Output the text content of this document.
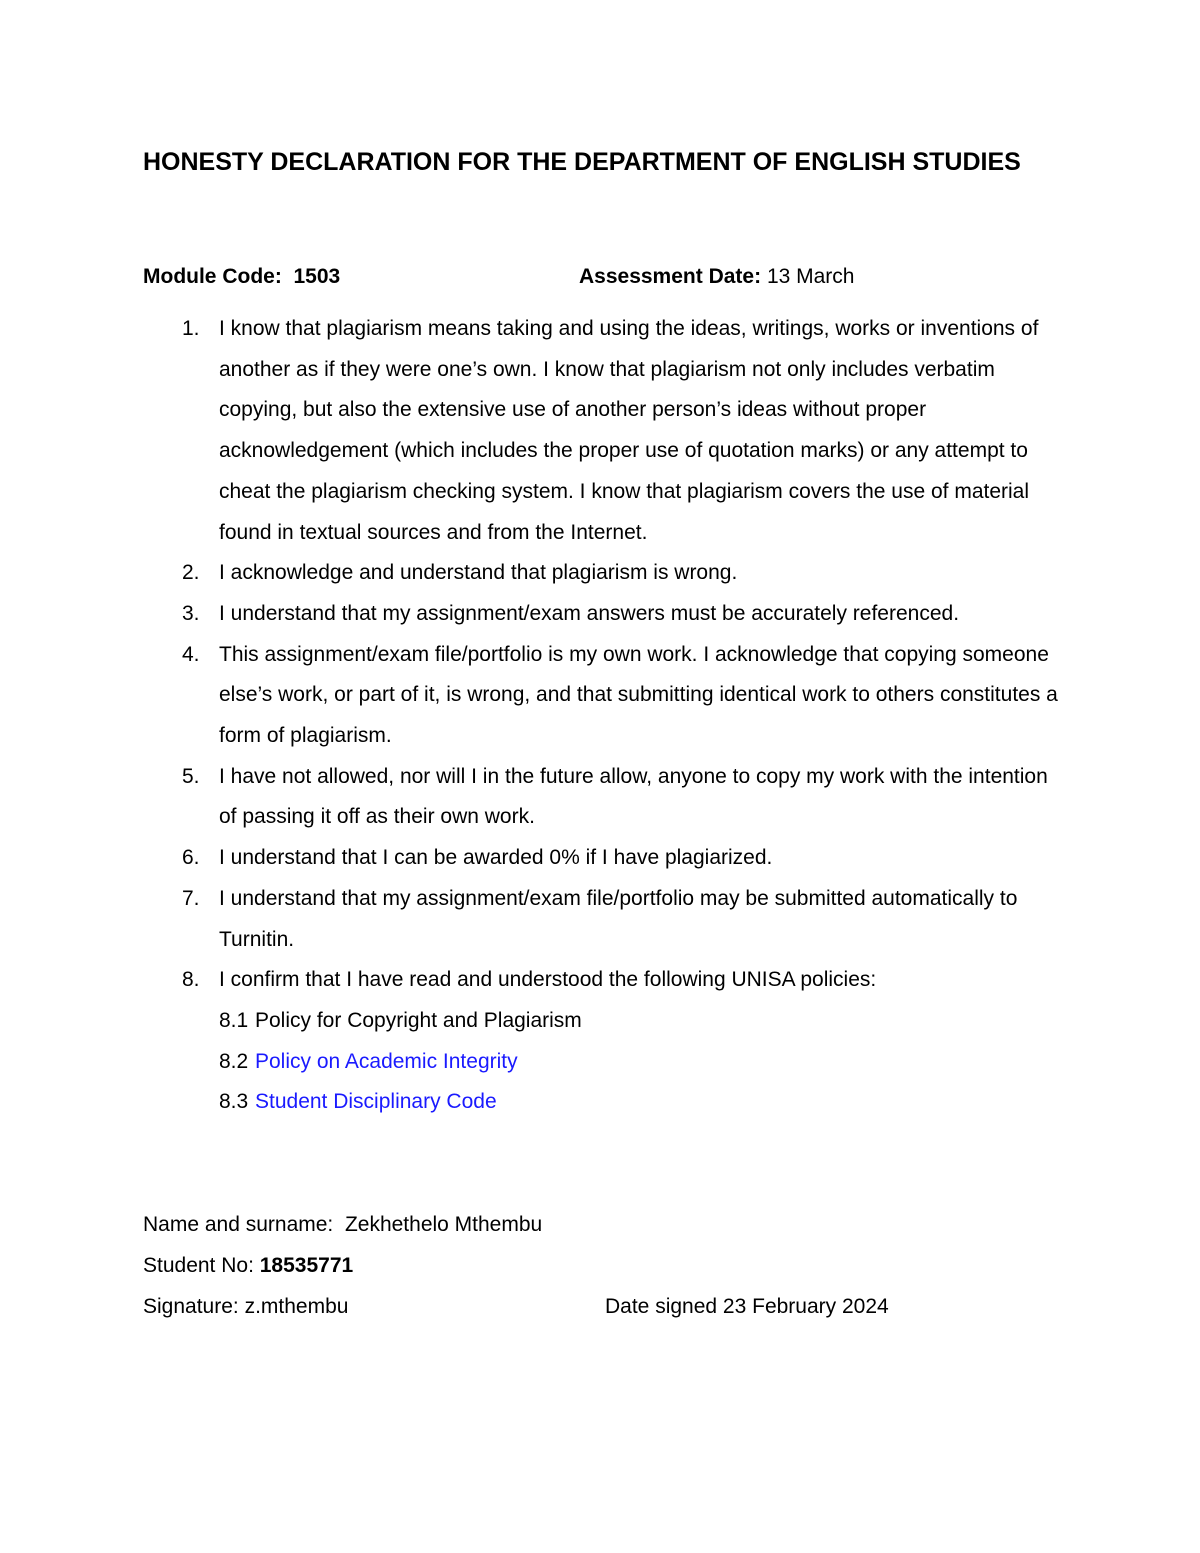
HONESTY DECLARATION FOR THE DEPARTMENT OF ENGLISH STUDIES
Module Code: 1503	Assessment Date: 13 March
1. I know that plagiarism means taking and using the ideas, writings, works or inventions of another as if they were one’s own. I know that plagiarism not only includes verbatim copying, but also the extensive use of another person’s ideas without proper acknowledgement (which includes the proper use of quotation marks) or any attempt to cheat the plagiarism checking system. I know that plagiarism covers the use of material found in textual sources and from the Internet.
2. I acknowledge and understand that plagiarism is wrong.
3. I understand that my assignment/exam answers must be accurately referenced.
4. This assignment/exam file/portfolio is my own work. I acknowledge that copying someone else’s work, or part of it, is wrong, and that submitting identical work to others constitutes a form of plagiarism.
5. I have not allowed, nor will I in the future allow, anyone to copy my work with the intention of passing it off as their own work.
6. I understand that I can be awarded 0% if I have plagiarized.
7. I understand that my assignment/exam file/portfolio may be submitted automatically to Turnitin.
8. I confirm that I have read and understood the following UNISA policies:
8.1 Policy for Copyright and Plagiarism
8.2 Policy on Academic Integrity
8.3 Student Disciplinary Code
Name and surname: Zekhethelo Mthembu
Student No: 18535771
Signature: z.mthembu	Date signed 23 February 2024
